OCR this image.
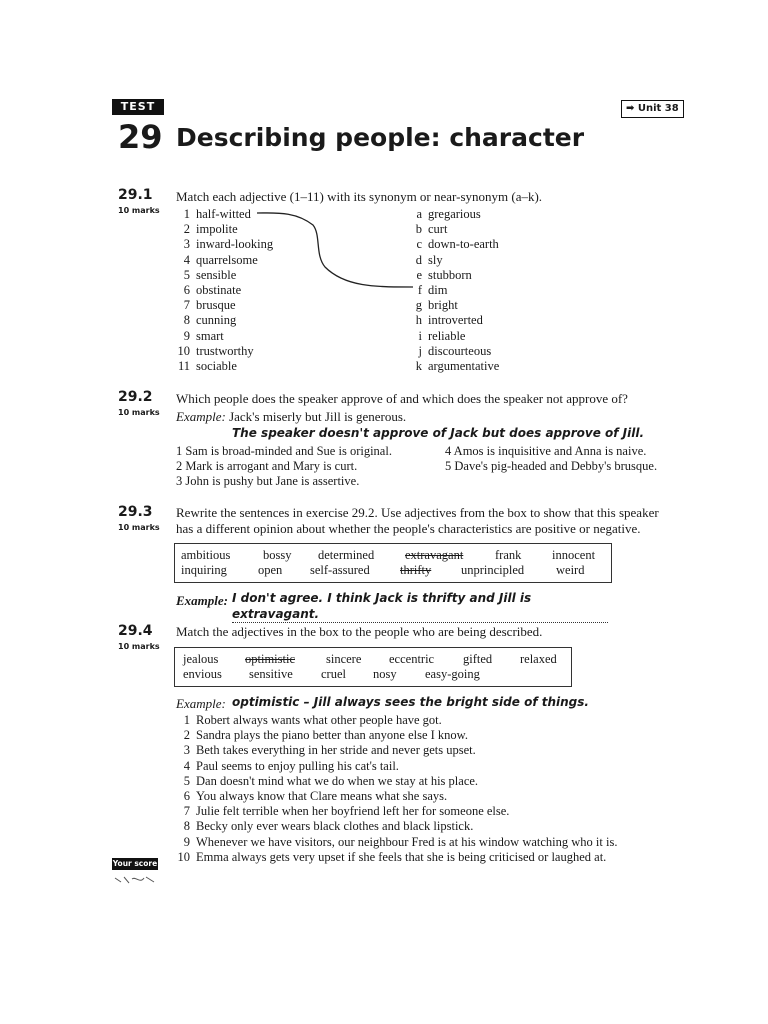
TEST	➡ Unit 38
29 Describing people: character
29.1
10 marks
Match each adjective (1–11) with its synonym or near-synonym (a–k).
1 half-witted
2 impolite
3 inward-looking
4 quarrelsome
5 sensible
6 obstinate
7 brusque
8 cunning
9 smart
10 trustworthy
11 sociable
a gregarious
b curt
c down-to-earth
d sly
e stubborn
f dim
g bright
h introverted
i reliable
j discourteous
k argumentative
29.2
10 marks
Which people does the speaker approve of and which does the speaker not approve of?
Example: Jack's miserly but Jill is generous.
The speaker doesn't approve of Jack but does approve of Jill.
1 Sam is broad-minded and Sue is original.
2 Mark is arrogant and Mary is curt.
3 John is pushy but Jane is assertive.
4 Amos is inquisitive and Anna is naive.
5 Dave's pig-headed and Debby's brusque.
29.3
10 marks
Rewrite the sentences in exercise 29.2. Use adjectives from the box to show that this speaker
has a different opinion about whether the people's characteristics are positive or negative.
ambitious	bossy determined extravagant	frank innocent
inquiring open self-assured thrifty unprincipled	weird
Example: I don't agree. I think Jack is thrifty and Jill is extravagant.
29.4
10 marks
Match the adjectives in the box to the people who are being described.
jealous optimistic sincere eccentric gifted relaxed
envious sensitive cruel nosy easy-going
Example: optimistic – Jill always sees the bright side of things.
1 Robert always wants what other people have got.
2 Sandra plays the piano better than anyone else I know.
3 Beth takes everything in her stride and never gets upset.
4 Paul seems to enjoy pulling his cat's tail.
5 Dan doesn't mind what we do when we stay at his place.
6 You always know that Clare means what she says.
7 Julie felt terrible when her boyfriend left her for someone else.
8 Becky only ever wears black clothes and black lipstick.
9 Whenever we have visitors, our neighbour Fred is at his window watching who it is.
10 Emma always gets very upset if she feels that she is being criticised or laughed at.
Your score
